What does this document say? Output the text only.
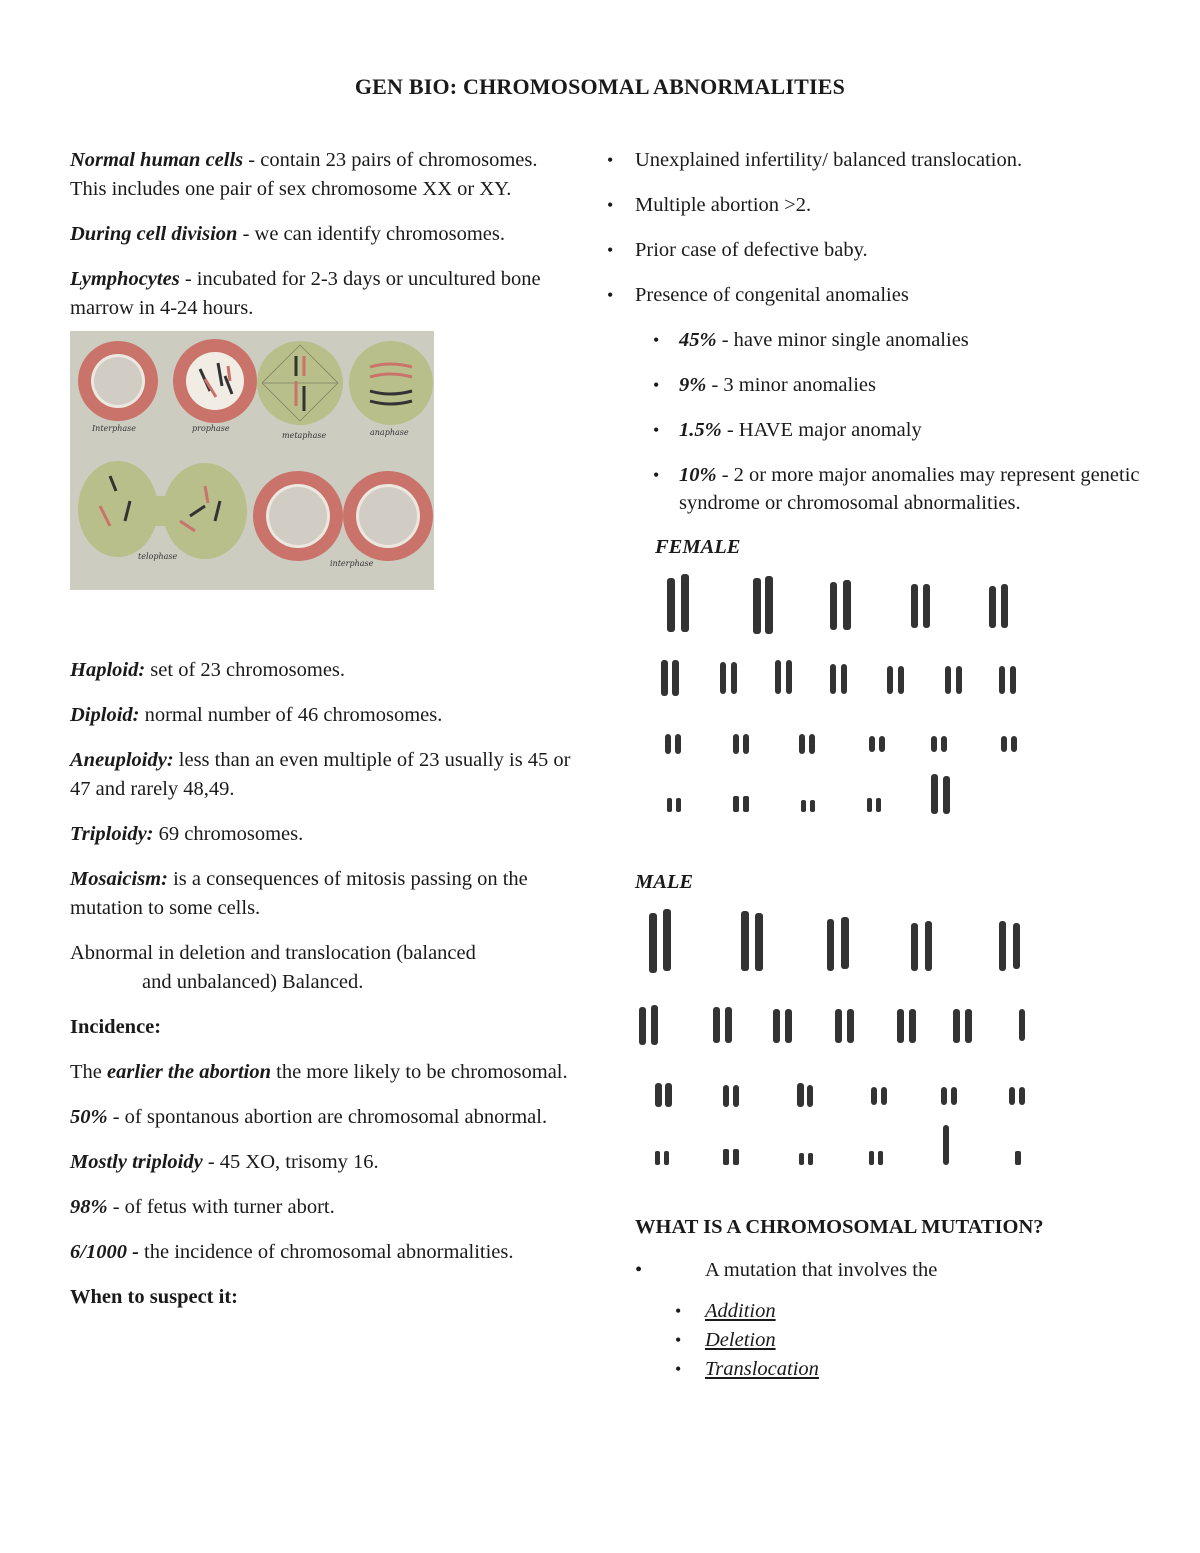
GEN BIO: CHROMOSOMAL ABNORMALITIES

Normal human cells - contain 23 pairs of chromosomes. This includes one pair of sex chromosome XX or XY.

During cell division - we can identify chromosomes.

Lymphocytes - incubated for 2-3 days or uncultured bone marrow in 4-24 hours.

Interphase	prophase
metaphase	anaphase
telophase
interphase

Haploid: set of 23 chromosomes.

Diploid: normal number of 46 chromosomes.

Aneuploidy: less than an even multiple of 23 usually is 45 or 47 and rarely 48,49.

Triploidy: 69 chromosomes.

Mosaicism: is a consequences of mitosis passing on the mutation to some cells.

Abnormal in deletion and translocation (balanced
and unbalanced) Balanced.

Incidence:

The earlier the abortion the more likely to be chromosomal.

50% - of spontanous abortion are chromosomal abnormal.

Mostly triploidy - 45 XO, trisomy 16.

98% - of fetus with turner abort.

6/1000 - the incidence of chromosomal abnormalities.

When to suspect it:

• Unexplained infertility/ balanced translocation.
• Multiple abortion >2.
• Prior case of defective baby.
• Presence of congenital anomalies
• 45% - have minor single anomalies
• 9% - 3 minor anomalies
• 1.5% - HAVE major anomaly
• 10% - 2 or more major anomalies may represent genetic syndrome or chromosomal abnormalities.

FEMALE

MALE

WHAT IS A CHROMOSOMAL MUTATION?

•	A mutation that involves the

• Addition
• Deletion
• Translocation
